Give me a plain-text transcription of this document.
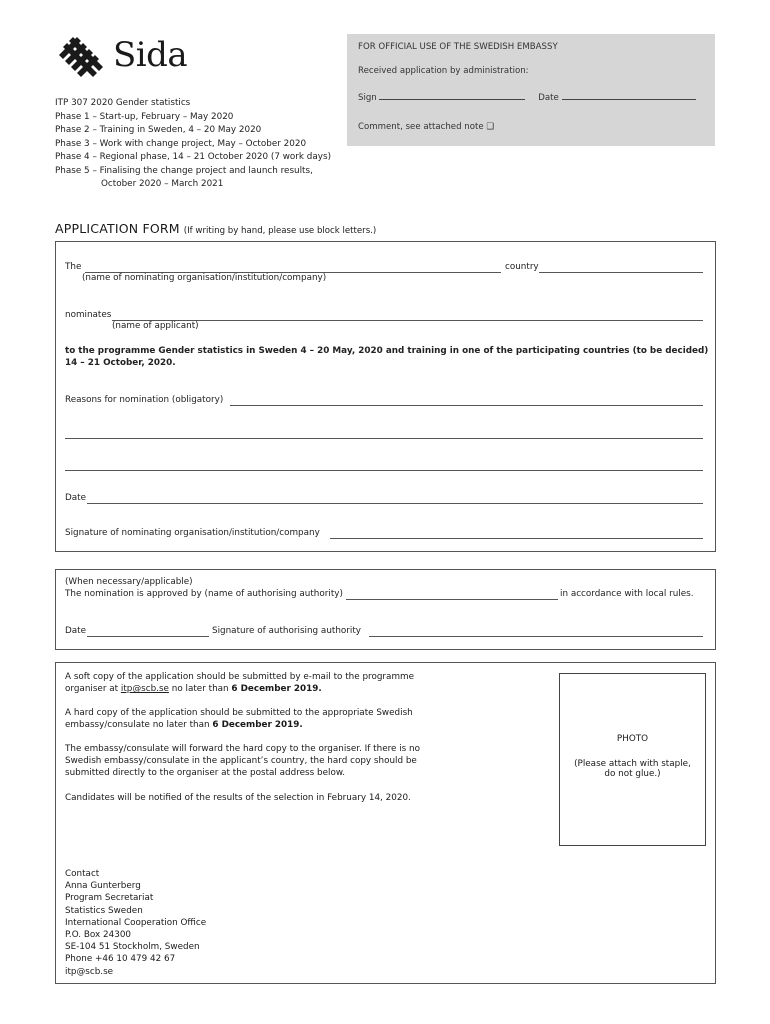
Sida	FOR OFFICIAL USE OF THE SWEDISH EMBASSY
Received application by administration:
Sign	Date
Comment, see attached note ❑
ITP 307 2020 Gender statistics
Phase 1 – Start-up, February – May 2020
Phase 2 – Training in Sweden, 4 – 20 May 2020
Phase 3 – Work with change project, May – October 2020
Phase 4 – Regional phase, 14 – 21 October 2020 (7 work days)
Phase 5 – Finalising the change project and launch results,
October 2020 – March 2021
APPLICATION FORM (If writing by hand, please use block letters.)
The	country
(name of nominating organisation/institution/company)
nominates
(name of applicant)
to the programme Gender statistics in Sweden 4 – 20 May, 2020 and training in one of the participating countries (to be decided)
14 – 21 October, 2020.
Reasons for nomination (obligatory)
Date
Signature of nominating organisation/institution/company
(When necessary/applicable)
The nomination is approved by (name of authorising authority)	in accordance with local rules.
Date	Signature of authorising authority
A soft copy of the application should be submitted by e-mail to the programme
organiser at itp@scb.se no later than 6 December 2019.
A hard copy of the application should be submitted to the appropriate Swedish
embassy/consulate no later than 6 December 2019.
The embassy/consulate will forward the hard copy to the organiser. If there is no
Swedish embassy/consulate in the applicant’s country, the hard copy should be
submitted directly to the organiser at the postal address below.
Candidates will be notified of the results of the selection in February 14, 2020.
PHOTO
(Please attach with staple,
do not glue.)
Contact
Anna Gunterberg
Program Secretariat
Statistics Sweden
International Cooperation Office
P.O. Box 24300
SE-104 51 Stockholm, Sweden
Phone +46 10 479 42 67
itp@scb.se
